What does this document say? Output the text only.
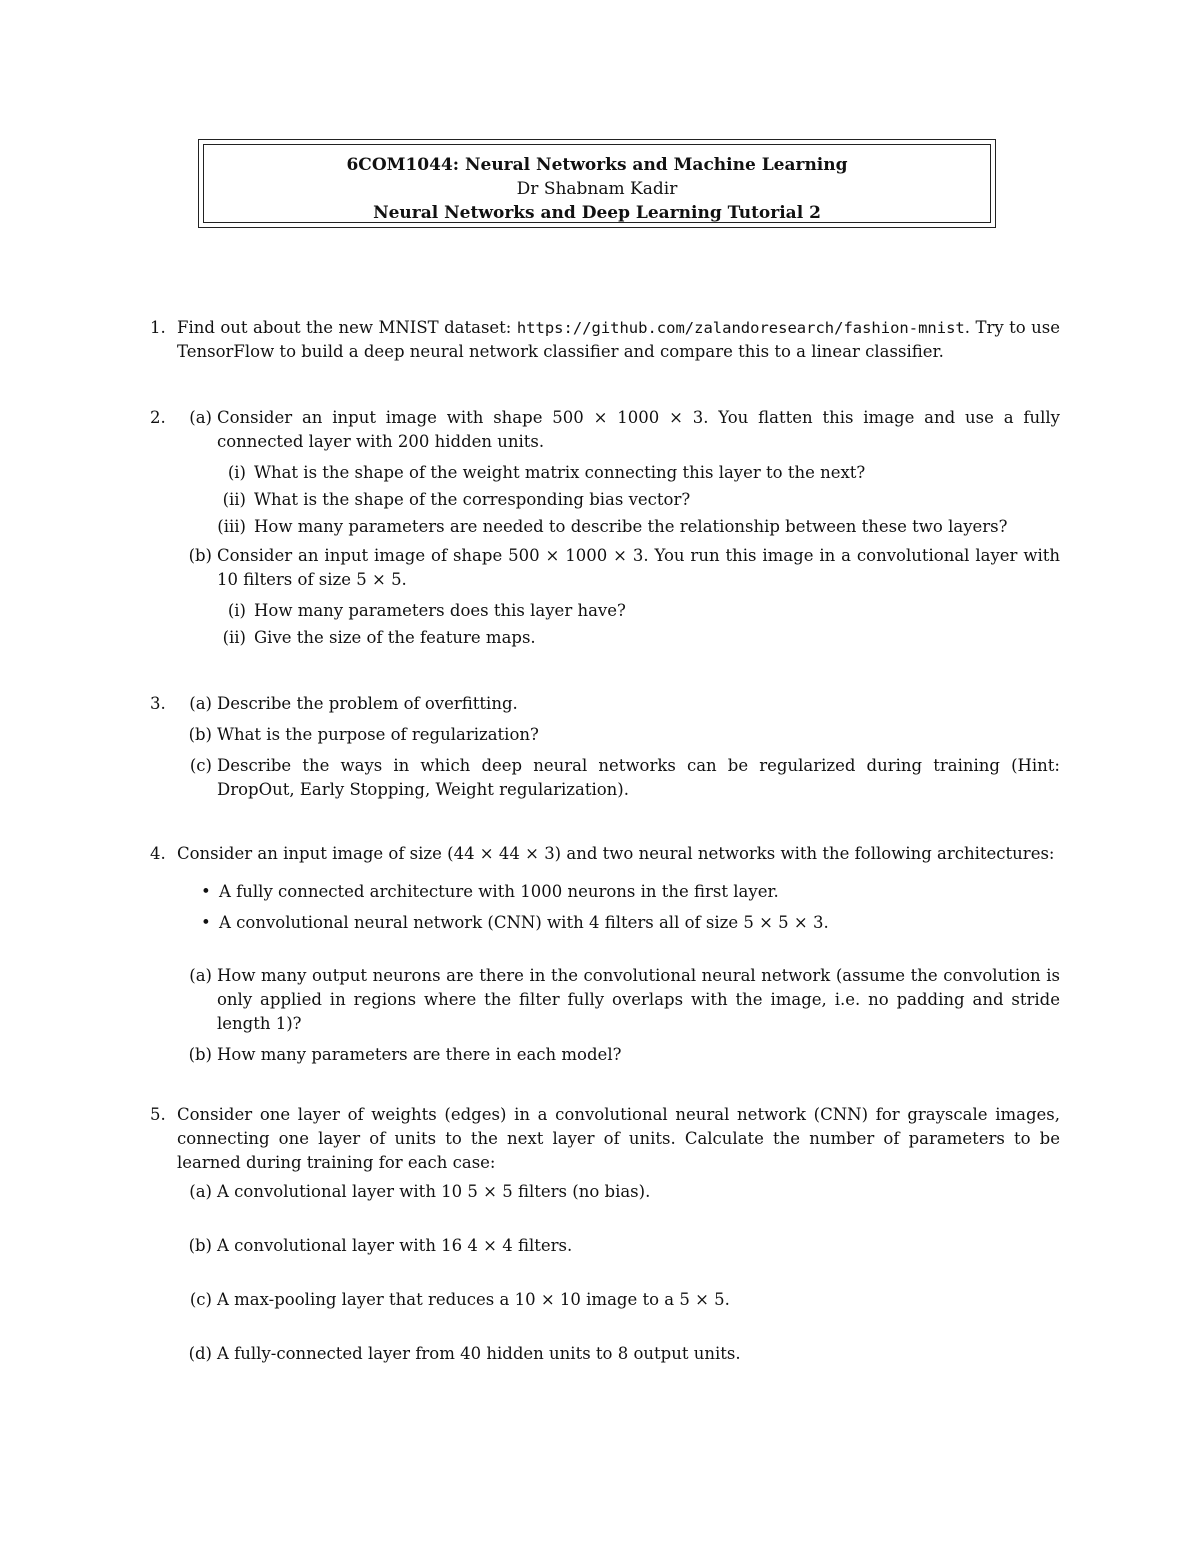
6COM1044: Neural Networks and Machine Learning
Dr Shabnam Kadir
Neural Networks and Deep Learning Tutorial 2
1. Find out about the new MNIST dataset: https://github.com/zalandoresearch/fashion-mnist. Try to use TensorFlow to build a deep neural network classifier and compare this to a linear classifier.
2.	(a) Consider an input image with shape 500 × 1000 × 3. You flatten this image and use a fully connected layer with 200 hidden units.
(i) What is the shape of the weight matrix connecting this layer to the next?
(ii) What is the shape of the corresponding bias vector?
(iii) How many parameters are needed to describe the relationship between these two layers?
(b) Consider an input image of shape 500 × 1000 × 3. You run this image in a convolutional layer with 10 filters of size 5 × 5.
(i) How many parameters does this layer have?
(ii) Give the size of the feature maps.
3.	(a) Describe the problem of overfitting.
(b) What is the purpose of regularization?
(c) Describe the ways in which deep neural networks can be regularized during training (Hint: DropOut, Early Stopping, Weight regularization).
4. Consider an input image of size (44 × 44 × 3) and two neural networks with the following architectures:
• A fully connected architecture with 1000 neurons in the first layer.
• A convolutional neural network (CNN) with 4 filters all of size 5 × 5 × 3.
(a) How many output neurons are there in the convolutional neural network (assume the convolution is only applied in regions where the filter fully overlaps with the image, i.e. no padding and stride length 1)?
(b) How many parameters are there in each model?
5. Consider one layer of weights (edges) in a convolutional neural network (CNN) for grayscale images, connecting one layer of units to the next layer of units. Calculate the number of parameters to be learned during training for each case:
(a) A convolutional layer with 10 5 × 5 filters (no bias).
(b) A convolutional layer with 16 4 × 4 filters.
(c) A max-pooling layer that reduces a 10 × 10 image to a 5 × 5.
(d) A fully-connected layer from 40 hidden units to 8 output units.
